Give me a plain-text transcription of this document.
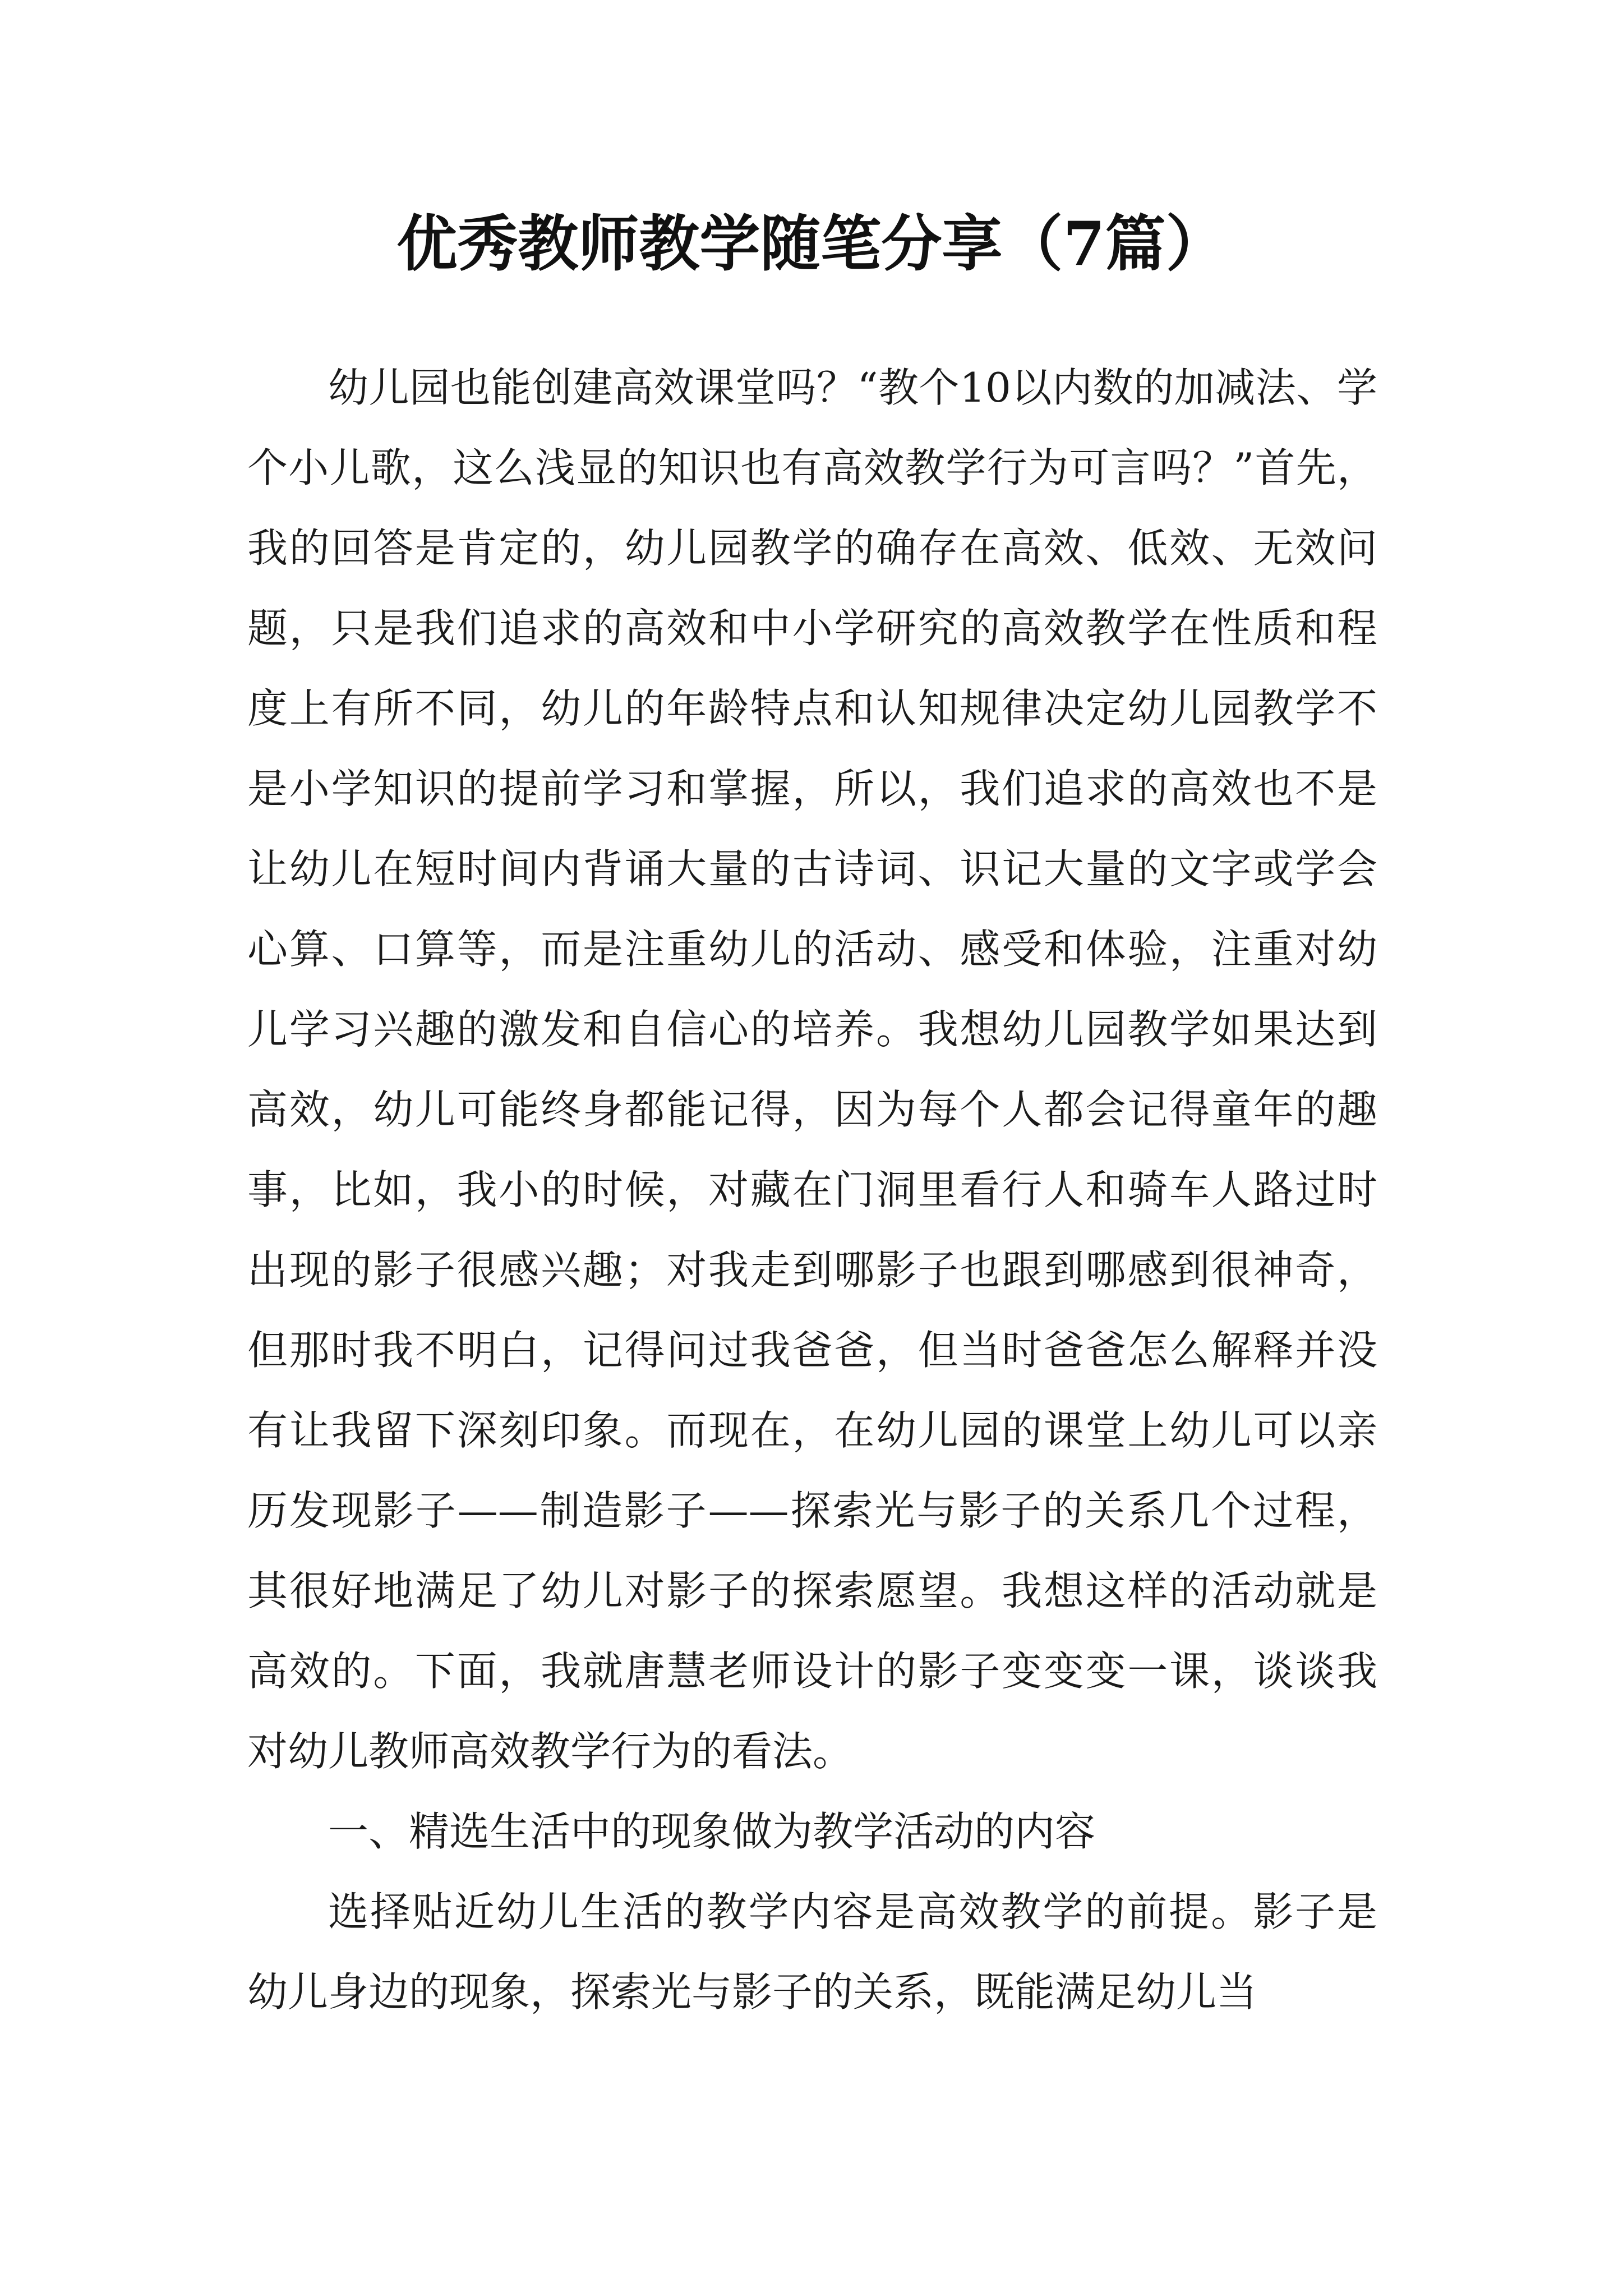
优秀教师教学随笔分享（7篇）

幼儿园也能创建高效课堂吗？“教个10以内数的加减法、学个小儿歌，这么浅显的知识也有高效教学行为可言吗？”首先，我的回答是肯定的，幼儿园教学的确存在高效、低效、无效问题，只是我们追求的高效和中小学研究的高效教学在性质和程度上有所不同，幼儿的年龄特点和认知规律决定幼儿园教学不是小学知识的提前学习和掌握，所以，我们追求的高效也不是让幼儿在短时间内背诵大量的古诗词、识记大量的文字或学会心算、口算等，而是注重幼儿的活动、感受和体验，注重对幼儿学习兴趣的激发和自信心的培养。我想幼儿园教学如果达到高效，幼儿可能终身都能记得，因为每个人都会记得童年的趣事，比如，我小的时候，对藏在门洞里看行人和骑车人路过时出现的影子很感兴趣；对我走到哪影子也跟到哪感到很神奇，但那时我不明白，记得问过我爸爸，但当时爸爸怎么解释并没有让我留下深刻印象。而现在，在幼儿园的课堂上幼儿可以亲历发现影子——制造影子——探索光与影子的关系几个过程，其很好地满足了幼儿对影子的探索愿望。我想这样的活动就是高效的。下面，我就唐慧老师设计的影子变变变一课，谈谈我对幼儿教师高效教学行为的看法。

一、精选生活中的现象做为教学活动的内容

选择贴近幼儿生活的教学内容是高效教学的前提。影子是幼儿身边的现象，探索光与影子的关系，既能满足幼儿当
